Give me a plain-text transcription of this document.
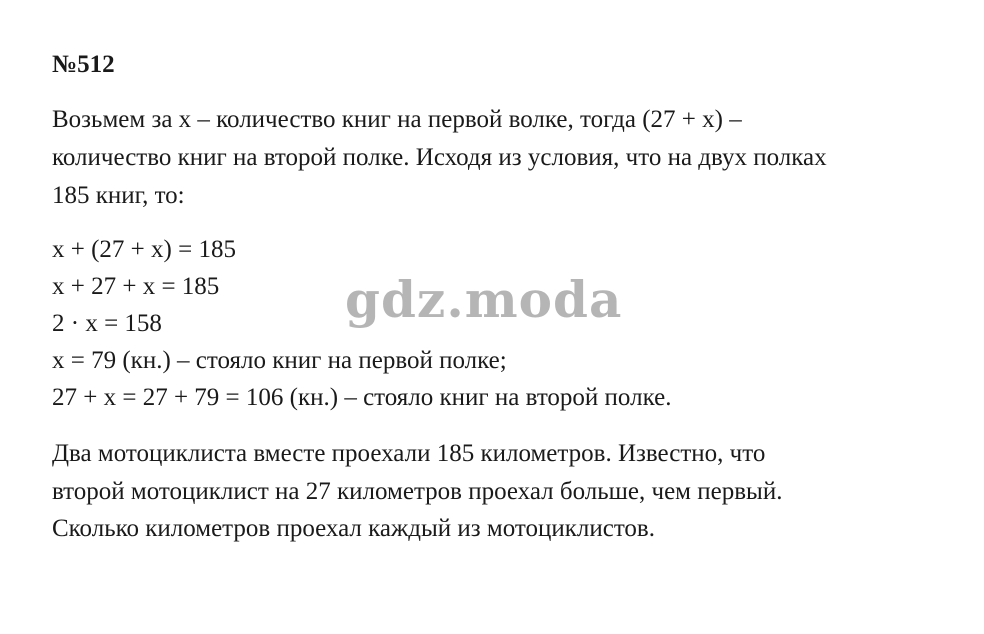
№512
Возьмем за х – количество книг на первой волке, тогда (27 + х) –
количество книг на второй полке. Исходя из условия, что на двух полках
185 книг, то:
х + (27 + х) = 185
х + 27 + х = 185
2 · х = 158
х = 79 (кн.) – стояло книг на первой полке;
27 + х = 27 + 79 = 106 (кн.) – стояло книг на второй полке.
Два мотоциклиста вместе проехали 185 километров. Известно, что
второй мотоциклист на 27 километров проехал больше, чем первый.
Сколько километров проехал каждый из мотоциклистов.
gdz.moda
